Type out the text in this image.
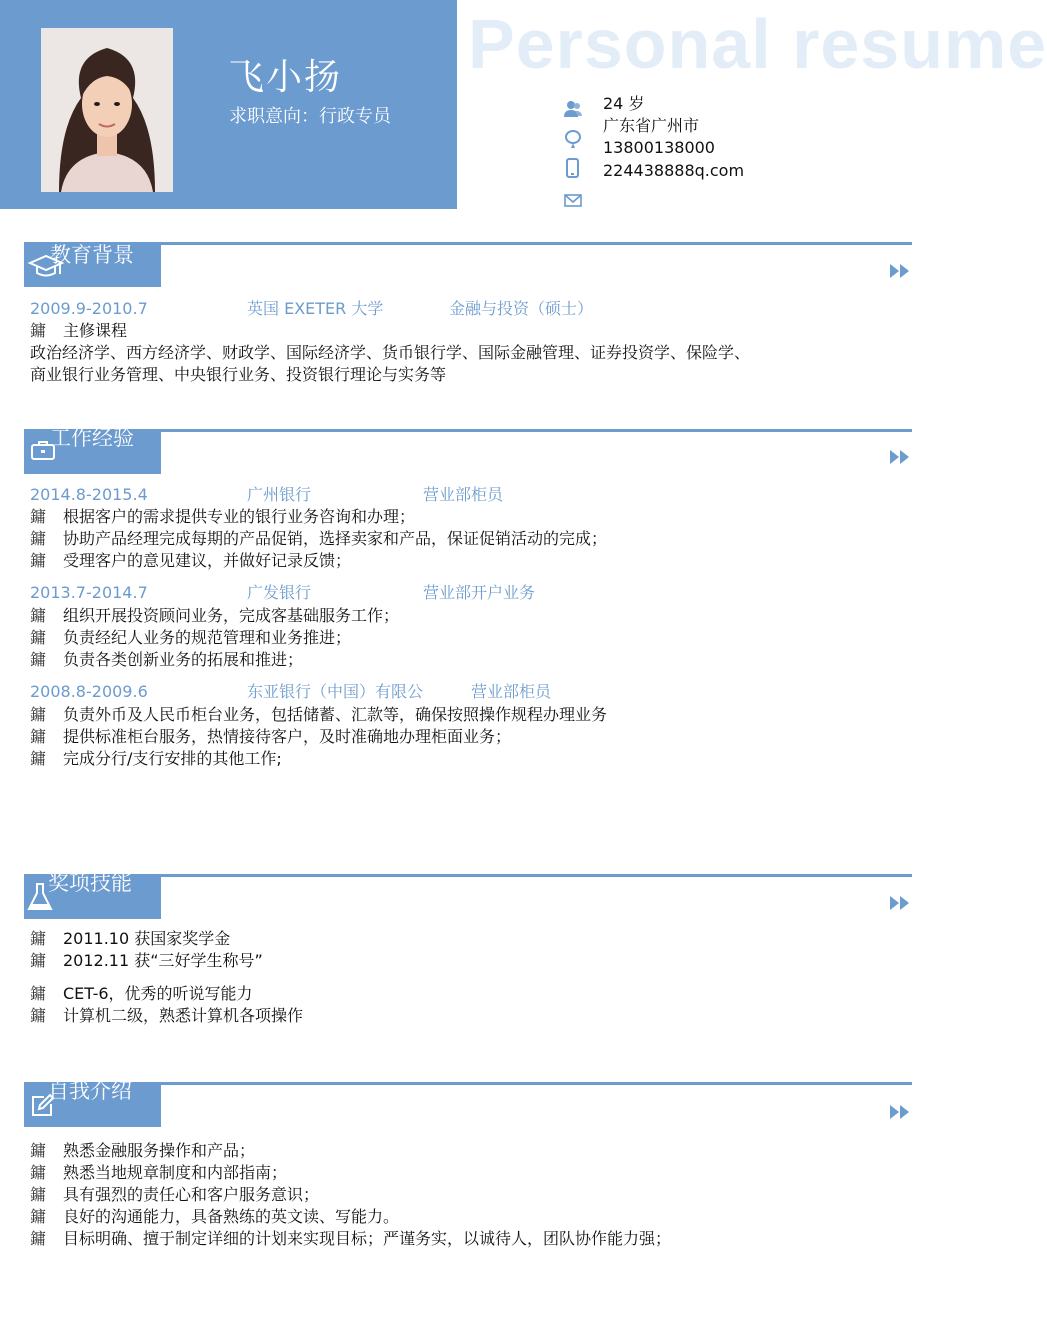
飞小扬
求职意向：行政专员
Personal resume
24 岁
广东省广州市
13800138000
224438888q.com
教育背景
2009.9-2010.7	英国 EXETER 大学	金融与投资（硕士）
鏞 主修课程
政治经济学、西方经济学、财政学、国际经济学、货币银行学、国际金融管理、证券投资学、保险学、
商业银行业务管理、中央银行业务、投资银行理论与实务等
工作经验
2014.8-2015.4	广州银行	营业部柜员
鏞 根据客户的需求提供专业的银行业务咨询和办理；
鏞 协助产品经理完成每期的产品促销，选择卖家和产品，保证促销活动的完成；
鏞 受理客户的意见建议，并做好记录反馈；
2013.7-2014.7	广发银行	营业部开户业务
鏞 组织开展投资顾问业务，完成客基础服务工作；
鏞 负责经纪人业务的规范管理和业务推进；
鏞 负责各类创新业务的拓展和推进；
2008.8-2009.6	东亚银行（中国）有限公	营业部柜员
鏞 负责外币及人民币柜台业务，包括储蓄、汇款等，确保按照操作规程办理业务
鏞 提供标准柜台服务，热情接待客户，及时准确地办理柜面业务；
鏞 完成分行/支行安排的其他工作;
奖项技能
鏞 2011.10 获国家奖学金
鏞 2012.11 获“三好学生称号”
鏞 CET-6，优秀的听说写能力
鏞 计算机二级，熟悉计算机各项操作
自我介绍
鏞 熟悉金融服务操作和产品；
鏞 熟悉当地规章制度和内部指南；
鏞 具有强烈的责任心和客户服务意识；
鏞 良好的沟通能力，具备熟练的英文读、写能力。
鏞 目标明确、擅于制定详细的计划来实现目标；严谨务实，以诚待人，团队协作能力强；
